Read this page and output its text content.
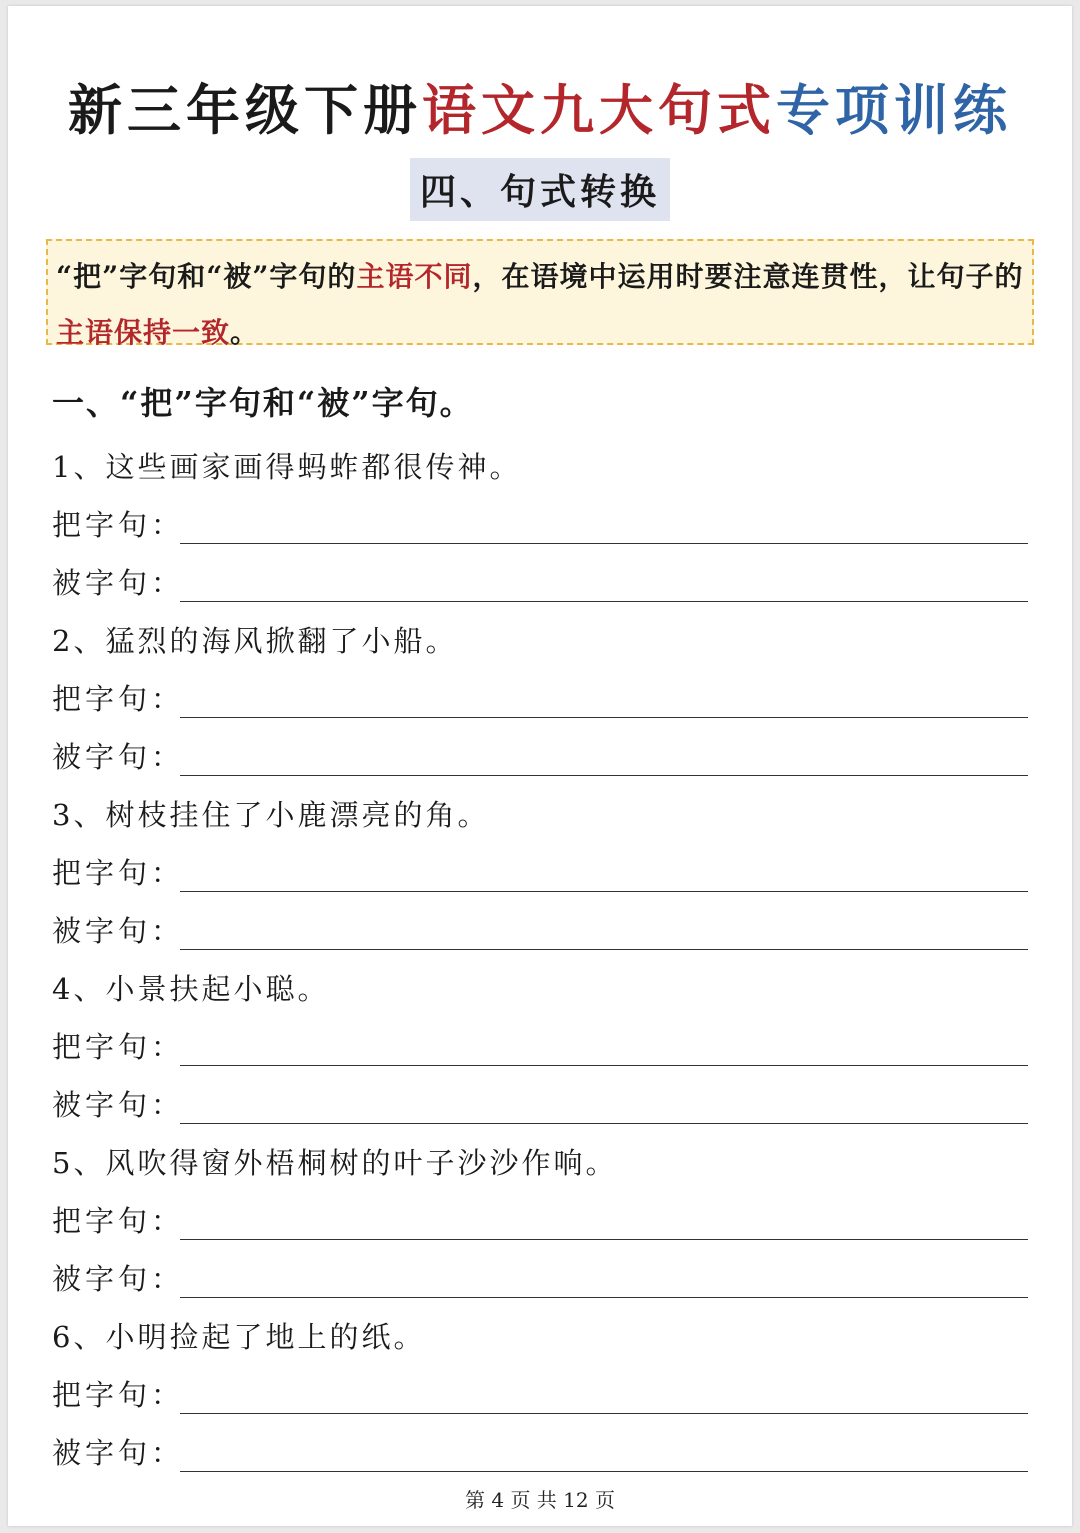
新三年级下册语文九大句式专项训练
四、句式转换
“把”字句和“被”字句的主语不同，在语境中运用时要注意连贯性，让句子的主语保持一致。
一、“把”字句和“被”字句。
1、这些画家画得蚂蚱都很传神。
把字句：
被字句：
2、猛烈的海风掀翻了小船。
把字句：
被字句：
3、树枝挂住了小鹿漂亮的角。
把字句：
被字句：
4、小景扶起小聪。
把字句：
被字句：
5、风吹得窗外梧桐树的叶子沙沙作响。
把字句：
被字句：
6、小明捡起了地上的纸。
把字句：
被字句：
第 4 页 共 12 页
